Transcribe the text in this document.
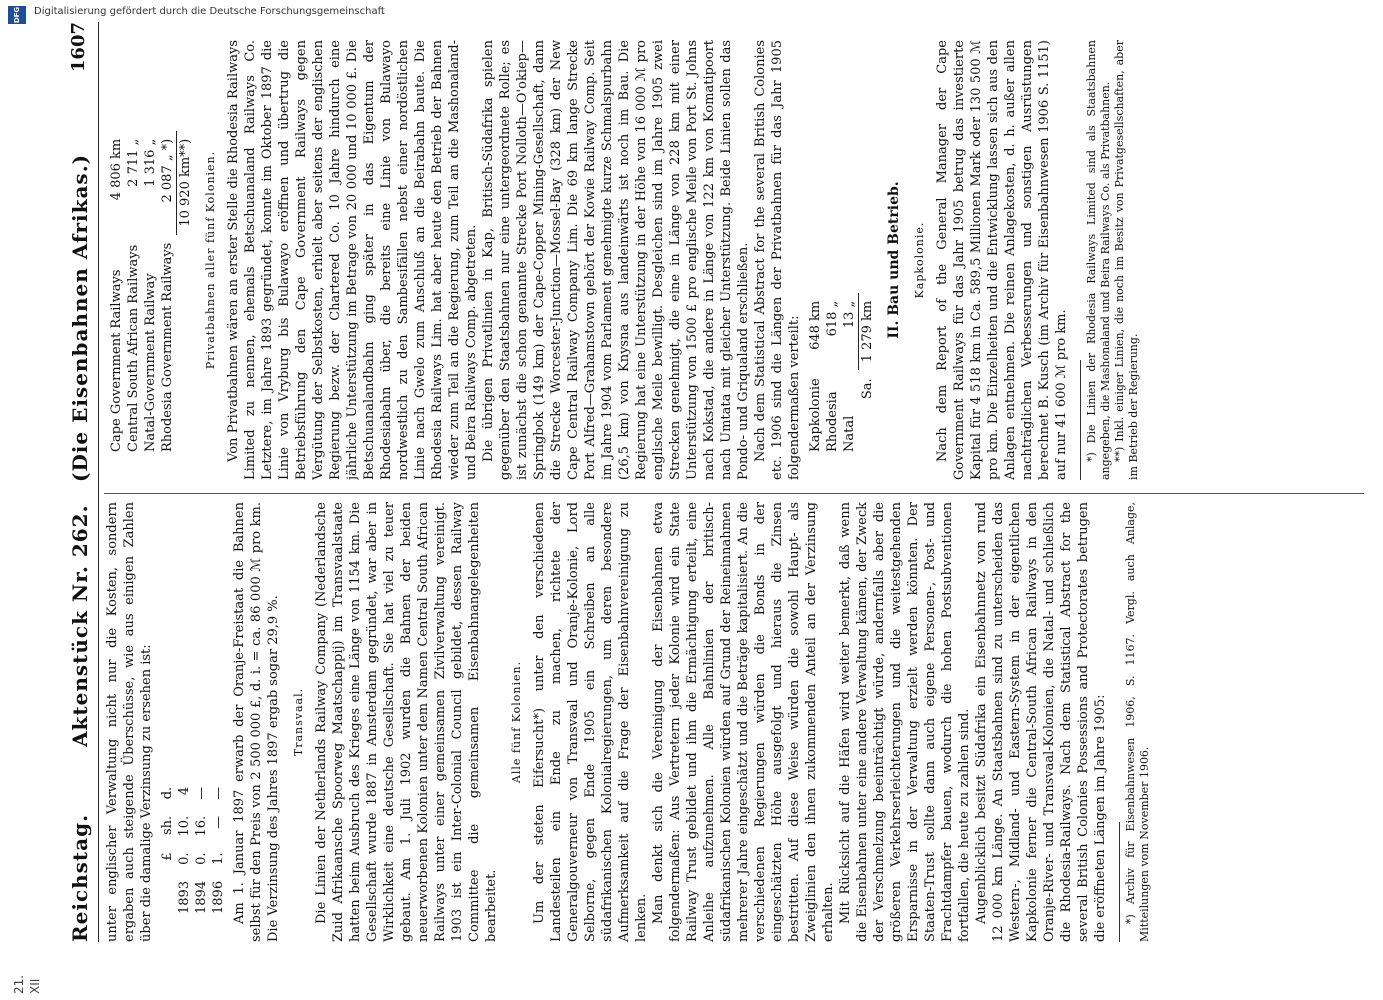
21. XII
Reichstag.
Aktenstück Nr. 262.
(Die Eisenbahnen Afrikas.)
1607

unter englischer Verwaltung nicht nur die Kosten, sondern ergaben auch steigende Überschüsse, wie aus einigen Zahlen über die damalige Verzinsung zu ersehen ist:

	£	sh.	d.
1893	0.	10.	4
1894	0.	16.	—
1896	1.	—	— Am 1. Januar 1897 erwarb der Oranje-Freistaat die Bahnen selbst für den Preis von 2 500 000 £, d. i. = ca. 86 000 ℳ pro km. Die Verzinsung des Jahres 1897 ergab sogar 29,9 %. Transvaal. Die Linien der Netherlands Railway Company (Nederlandsche Zuid Afrikaansche Spoorweg Maatschappij) im Transvaalstaate hatten beim Ausbruch des Krieges eine Länge von 1154 km. Die Gesellschaft wurde 1887 in Amsterdam gegründet, war aber in Wirklichkeit eine deutsche Gesellschaft. Sie hat viel zu teuer gebaut. Am 1. Juli 1902 wurden die Bahnen der beiden neuerworbenen Kolonien unter dem Namen Central South African Railways unter einer gemeinsamen Zivilverwaltung vereinigt. 1903 ist ein Inter-Colonial Council gebildet, dessen Railway Committee die gemeinsamen Eisenbahnangelegenheiten bearbeitet.

Alle fünf Kolonien. Um der steten Eifersucht*) unter den verschiedenen Landesteilen ein Ende zu machen, richtete der Generalgouverneur von Transvaal und Oranje-Kolonie, Lord Selborne, gegen Ende 1905 ein Schreiben an alle südafrikanischen Kolonialregierungen, um deren besondere Aufmerksamkeit auf die Frage der Eisenbahnvereinigung zu lenken. Man denkt sich die Vereinigung der Eisenbahnen etwa folgendermaßen: Aus Vertretern jeder Kolonie wird ein State Railway Trust gebildet und ihm die Ermächtigung erteilt, eine Anleihe aufzunehmen. Alle Bahnlinien der britisch-südafrikanischen Kolonien würden auf Grund der Reineinnahmen mehrerer Jahre eingeschätzt und die Beträge kapitalisiert. An die verschiedenen Regierungen würden die Bonds in der eingeschätzten Höhe ausgefolgt und hieraus die Zinsen bestritten. Auf diese Weise würden die sowohl Haupt- als Zweiglinien den ihnen zukommenden Anteil an der Verzinsung erhalten. Mit Rücksicht auf die Häfen wird weiter bemerkt, daß wenn die Eisenbahnen unter eine andere Verwaltung kämen, der Zweck der Verschmelzung beeinträchtigt würde, andernfalls aber die größeren Verkehrserleichterungen und die weitestgehenden Ersparnisse in der Verwaltung erzielt werden könnten. Der Staaten-Trust sollte dann auch eigene Personen-, Post- und Frachtdampfer bauen, wodurch die hohen Postsubventionen fortfallen, die heute zu zahlen sind. Augenblicklich besitzt Südafrika ein Eisenbahnnetz von rund 12 000 km Länge. An Staatsbahnen sind zu unterscheiden das Western-, Midland- und Eastern-System in der eigentlichen Kapkolonie ferner die Central-South African Railways in den Oranje-River- und Transvaal-Kolonien, die Natal- und schließlich die Rhodesia-Railways. Nach dem Statistical Abstract for the several British Colonies Possessions and Protectorates betrugen die eröffneten Längen im Jahre 1905: *) Archiv für Eisenbahnwesen 1906, S. 1167. Vergl. auch Anlage, Mitteilungen vom November 1906.

Cape Government Railways	4 806 km
Central South African Railways	2 711 „
Natal-Government Railway	1 316 „
Rhodesia Government Railways	2 087 „ *)
	10 920 km**) Privatbahnen aller fünf Kolonien. Von Privatbahnen wären an erster Stelle die Rhodesia Railways Limited zu nennen, ehemals Betschuanaland Railways Co. Letztere, im Jahre 1893 gegründet, konnte im Oktober 1897 die Linie von Vryburg bis Bulawayo eröffnen und übertrug die Betriebsführung den Cape Government Railways gegen Vergütung der Selbstkosten, erhielt aber seitens der englischen Regierung bezw. der Chartered Co. 10 Jahre hindurch eine jährliche Unterstützung im Betrage von 20 000 und 10 000 £. Die Betschuanalandbahn ging später in das Eigentum der Rhodesiabahn über, die bereits eine Linie von Bulawayo nordwestlich zu den Sambesifällen nebst einer nordöstlichen Linie nach Gwelo zum Anschluß an die Beirabahn baute. Die Rhodesia Railways Lim. hat aber heute den Betrieb der Bahnen wieder zum Teil an die Regierung, zum Teil an die Mashonaland- und Beira Railways Comp. abgetreten. Die übrigen Privatlinien in Kap, Britisch-Südafrika spielen gegenüber den Staatsbahnen nur eine untergeordnete Rolle; es ist zunächst die schon genannte Strecke Port Nolloth—O'okiep—Springbok (149 km) der Cape-Copper Mining-Gesellschaft, dann die Strecke Worcester-Junction—Mossel-Bay (328 km) der New Cape Central Railway Company Lim. Die 69 km lange Strecke Port Alfred—Grahamstown gehört der Kowie Railway Comp. Seit im Jahre 1904 vom Parlament genehmigte kurze Schmalspurbahn (26,5 km) von Knysna aus landeinwärts ist noch im Bau. Die Regierung hat eine Unterstützung in der Höhe von 16 000 ℳ pro englische Meile bewilligt. Desgleichen sind im Jahre 1905 zwei Strecken genehmigt, die eine in Länge von 228 km mit einer Unterstützung von 1500 £ pro englische Meile von Port St. Johns nach Kokstad, die andere in Länge von 122 km von Komatipoort nach Umtata mit gleicher Unterstützung. Beide Linien sollen das Pondo- und Griqualand erschließen. Nach dem Statistical Abstract for the several British Colonies etc. 1906 sind die Längen der Privatbahnen für das Jahr 1905 folgendermaßen verteilt: Kapkolonie	648 km
Rhodesia	618 „
Natal	13 „
Sa.	1 279 km II. Bau und Betrieb. Kapkolonie. Nach dem Report of the General Manager der Cape Government Railways für das Jahr 1905 betrug das investierte Kapital für 4 518 km in Ca. 589,5 Millionen Mark oder 130 500 ℳ pro km. Die Einzelheiten und die Entwicklung lassen sich aus den Anlagen entnehmen. Die reinen Anlagekosten, d. h. außer allen nachträglichen Verbesserungen und sonstigen Ausrüstungen berechnet B. Kusch (im Archiv für Eisenbahnwesen 1906 S. 1151) auf nur 41 600 ℳ pro km. *) Die Linien der Rhodesia Railways Limited sind als Staatsbahnen angegeben, die Mashonaland und Beira Railways Co. als Privatbahnen. **) Inkl. einiger Linien, die noch im Besitz von Privatgesellschaften, aber im Betrieb der Regierung.

DFG	Digitalisierung gefördert durch die Deutsche Forschungsgemeinschaft
